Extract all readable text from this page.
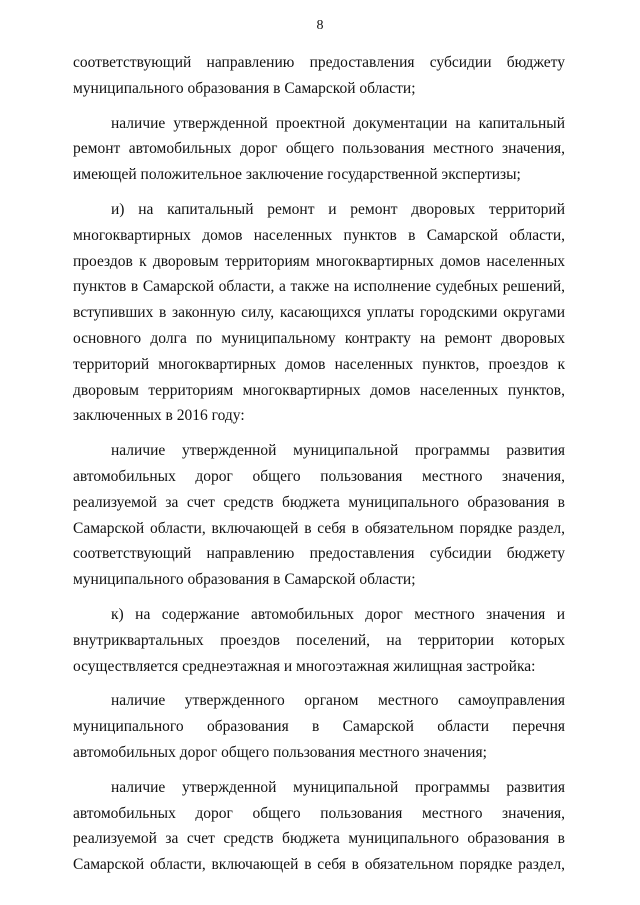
8

соответствующий направлению предоставления субсидии бюджету муниципального образования в Самарской области;

наличие утвержденной проектной документации на капитальный ремонт автомобильных дорог общего пользования местного значения, имеющей положительное заключение государственной экспертизы;

и) на капитальный ремонт и ремонт дворовых территорий многоквартирных домов населенных пунктов в Самарской области, проездов к дворовым территориям многоквартирных домов населенных пунктов в Самарской области, а также на исполнение судебных решений, вступивших в законную силу, касающихся уплаты городскими округами основного долга по муниципальному контракту на ремонт дворовых территорий многоквартирных домов населенных пунктов, проездов к дворовым территориям многоквартирных домов населенных пунктов, заключенных в 2016 году:

наличие утвержденной муниципальной программы развития автомобильных дорог общего пользования местного значения, реализуемой за счет средств бюджета муниципального образования в Самарской области, включающей в себя в обязательном порядке раздел, соответствующий направлению предоставления субсидии бюджету муниципального образования в Самарской области;

к) на содержание автомобильных дорог местного значения и внутриквартальных проездов поселений, на территории которых осуществляется среднеэтажная и многоэтажная жилищная застройка:

наличие утвержденного органом местного самоуправления муниципального образования в Самарской области перечня автомобильных дорог общего пользования местного значения;

наличие утвержденной муниципальной программы развития автомобильных дорог общего пользования местного значения, реализуемой за счет средств бюджета муниципального образования в Самарской области, включающей в себя в обязательном порядке раздел,
